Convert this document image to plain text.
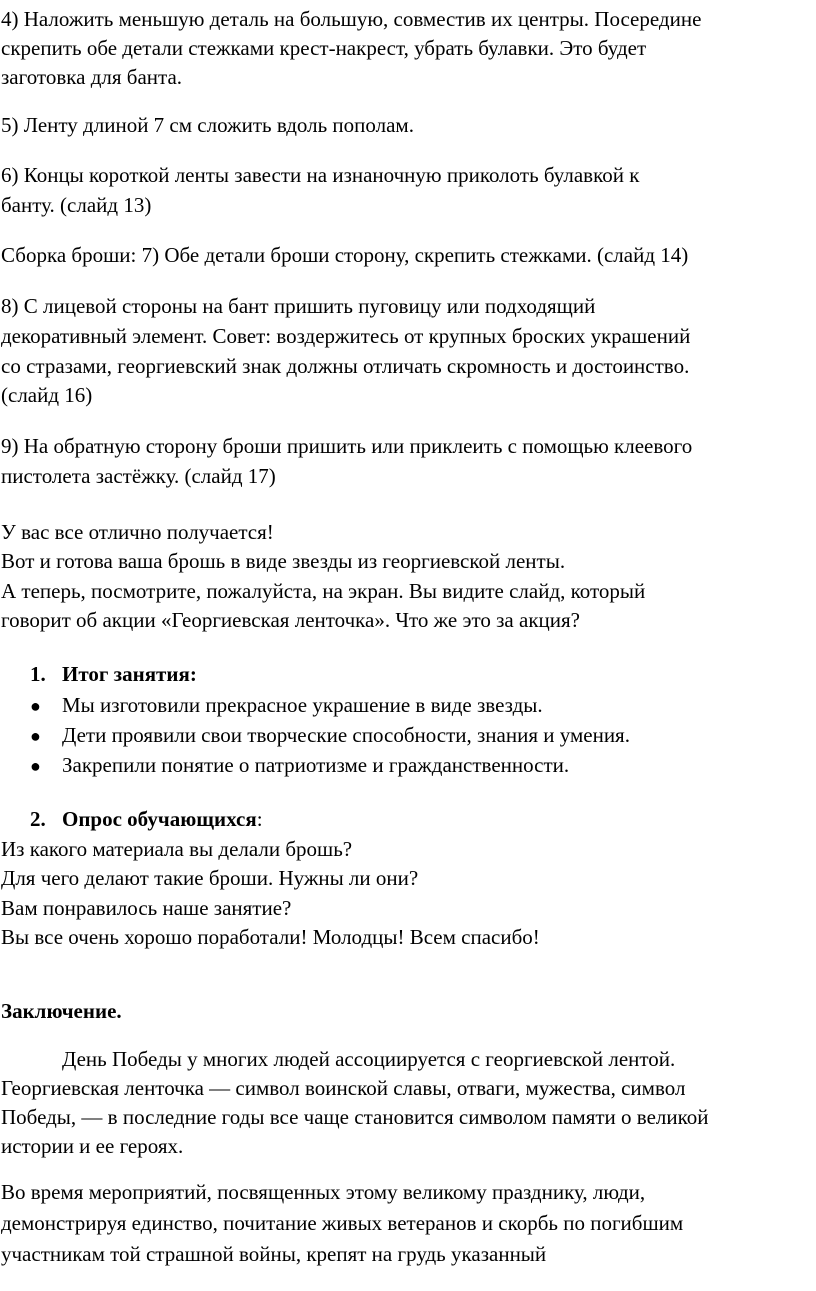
4) Наложить меньшую деталь на большую, совместив их центры. Посередине
скрепить обе детали стежками крест-накрест, убрать булавки. Это будет
заготовка для банта.
5) Ленту длиной 7 см сложить вдоль пополам.
6) Концы короткой ленты завести на изнаночную приколоть булавкой к
банту. (слайд 13)
Сборка броши: 7) Обе детали броши сторону, скрепить стежками. (слайд 14)
8) С лицевой стороны на бант пришить пуговицу или подходящий
декоративный элемент. Совет: воздержитесь от крупных броских украшений
со стразами, георгиевский знак должны отличать скромность и достоинство.
(слайд 16)
9) На обратную сторону броши пришить или приклеить с помощью клеевого
пистолета застёжку. (слайд 17)
У вас все отлично получается!
Вот и готова ваша брошь в виде звезды из георгиевской ленты.
А теперь, посмотрите, пожалуйста, на экран. Вы видите слайд, который
говорит об акции «Георгиевская ленточка». Что же это за акция?
1. Итог занятия:
● Мы изготовили прекрасное украшение в виде звезды.
● Дети проявили свои творческие способности, знания и умения.
● Закрепили понятие о патриотизме и гражданственности.
2. Опрос обучающихся:
Из какого материала вы делали брошь?
Для чего делают такие броши. Нужны ли они?
Вам понравилось наше занятие?
Вы все очень хорошо поработали! Молодцы! Всем спасибо!
Заключение.
День Победы у многих людей ассоциируется с георгиевской лентой.
Георгиевская ленточка — символ воинской славы, отваги, мужества, символ
Победы, — в последние годы все чаще становится символом памяти о великой
истории и ее героях.
Во время мероприятий, посвященных этому великому празднику, люди,
демонстрируя единство, почитание живых ветеранов и скорбь по погибшим
участникам той страшной войны, крепят на грудь указанный
